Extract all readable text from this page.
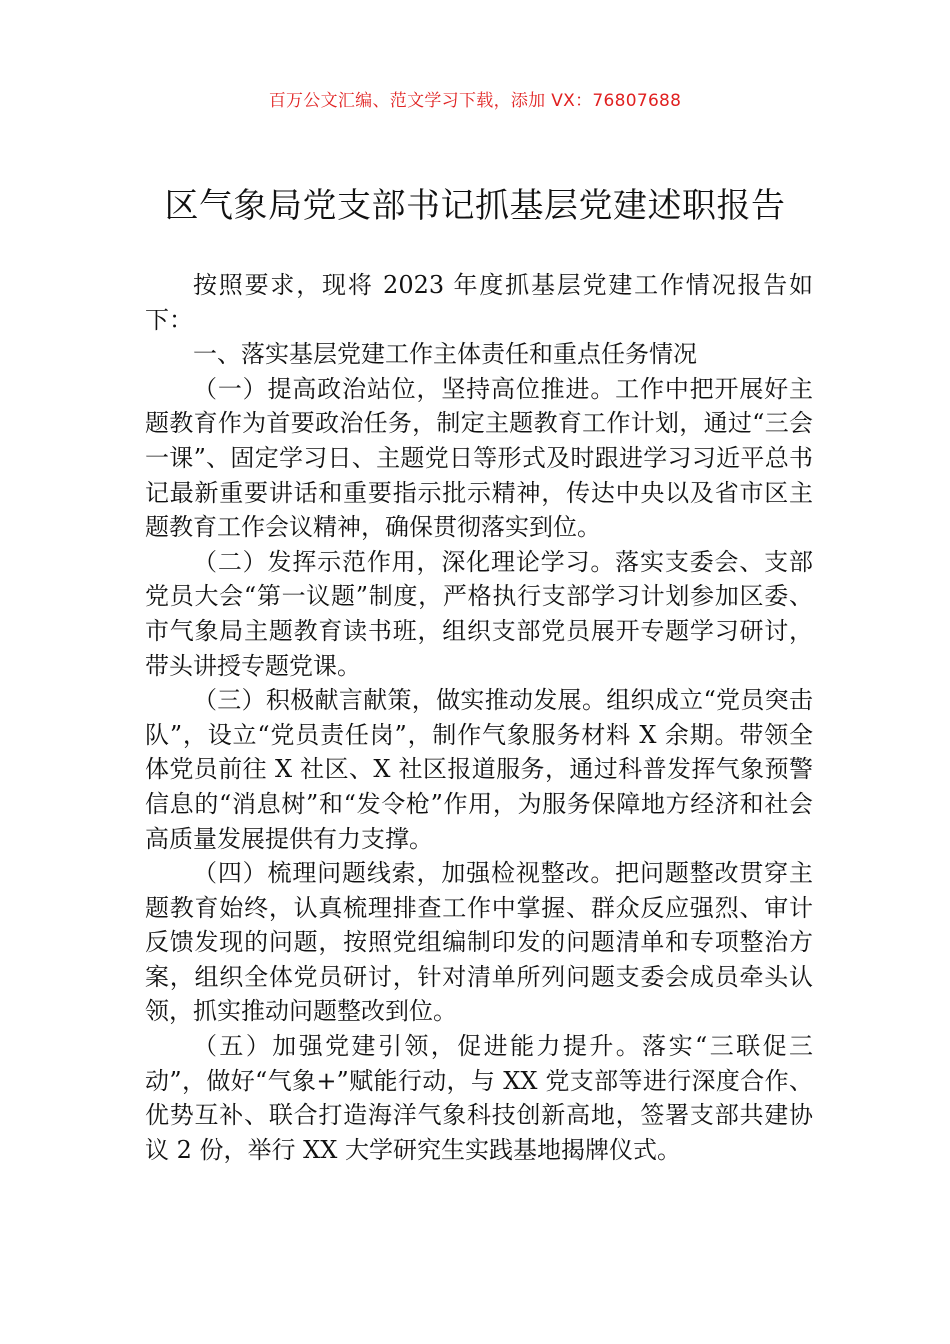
百万公文汇编、范文学习下载，添加 VX：76807688
区气象局党支部书记抓基层党建述职报告

按照要求，现将 2023 年度抓基层党建工作情况报告如下：

一、落实基层党建工作主体责任和重点任务情况

（一）提高政治站位，坚持高位推进。工作中把开展好主题教育作为首要政治任务，制定主题教育工作计划，通过“三会一课”、固定学习日、主题党日等形式及时跟进学习习近平总书记最新重要讲话和重要指示批示精神，传达中央以及省市区主题教育工作会议精神，确保贯彻落实到位。

（二）发挥示范作用，深化理论学习。落实支委会、支部党员大会“第一议题”制度，严格执行支部学习计划参加区委、市气象局主题教育读书班，组织支部党员展开专题学习研讨，带头讲授专题党课。

（三）积极献言献策，做实推动发展。组织成立“党员突击队”，设立“党员责任岗”，制作气象服务材料 X 余期。带领全体党员前往 X 社区、X 社区报道服务，通过科普发挥气象预警信息的“消息树”和“发令枪”作用，为服务保障地方经济和社会高质量发展提供有力支撑。

（四）梳理问题线索，加强检视整改。把问题整改贯穿主题教育始终，认真梳理排查工作中掌握、群众反应强烈、审计反馈发现的问题，按照党组编制印发的问题清单和专项整治方案，组织全体党员研讨，针对清单所列问题支委会成员牵头认领，抓实推动问题整改到位。

（五）加强党建引领，促进能力提升。落实“三联促三动”，做好“气象+”赋能行动，与 XX 党支部等进行深度合作、优势互补、联合打造海洋气象科技创新高地，签署支部共建协议 2 份，举行 XX 大学研究生实践基地揭牌仪式。
